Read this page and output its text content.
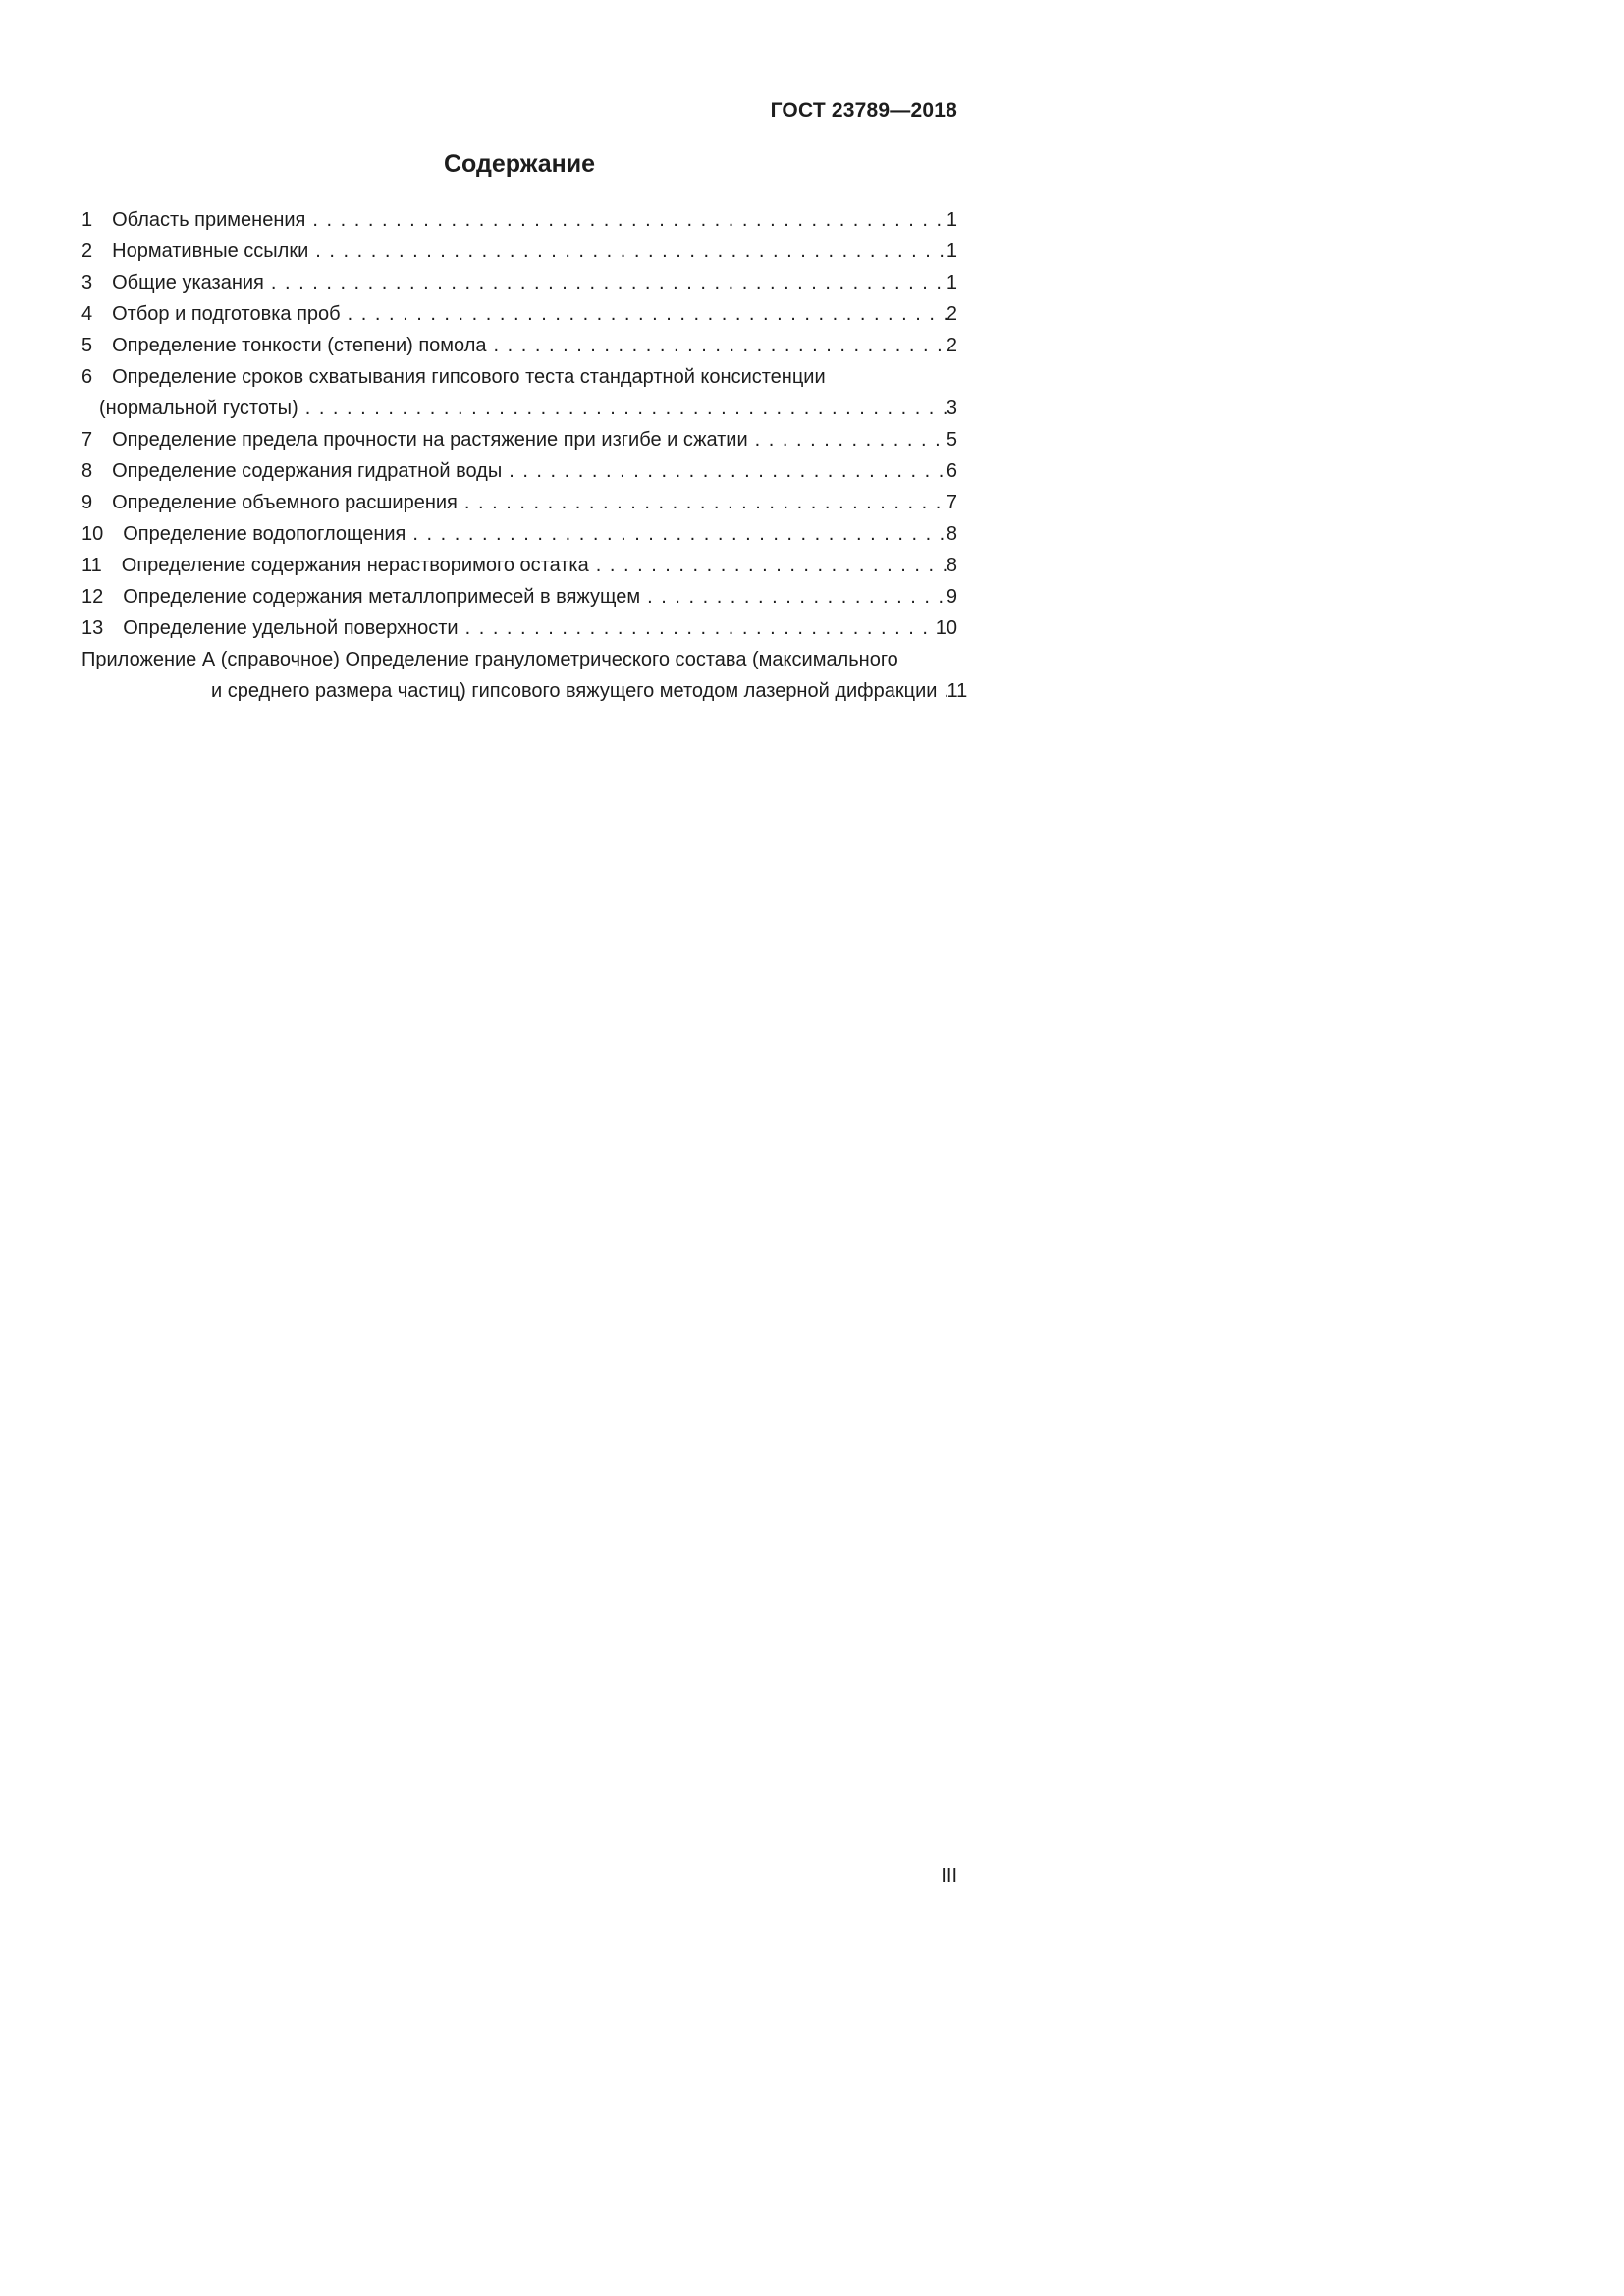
ГОСТ 23789—2018
Содержание
1 Область применения . . .	1
2 Нормативные ссылки . . .	1
3 Общие указания . . .	1
4 Отбор и подготовка проб . . .	2
5 Определение тонкости (степени) помола . . .	2
6 Определение сроков схватывания гипсового теста стандартной консистенции
(нормальной густоты) . . .	3
7 Определение предела прочности на растяжение при изгибе и сжатии . . .	5
8 Определение содержания гидратной воды . . .	6
9 Определение объемного расширения . . .	7
10 Определение водопоглощения . . .	8
11 Определение содержания нерастворимого остатка . . .	8
12 Определение содержания металлопримесей в вяжущем . . .	9
13 Определение удельной поверхности . . .	10
Приложение А (справочное) Определение гранулометрического состава (максимального
и среднего размера частиц) гипсового вяжущего методом лазерной дифракции . . . 11
III
